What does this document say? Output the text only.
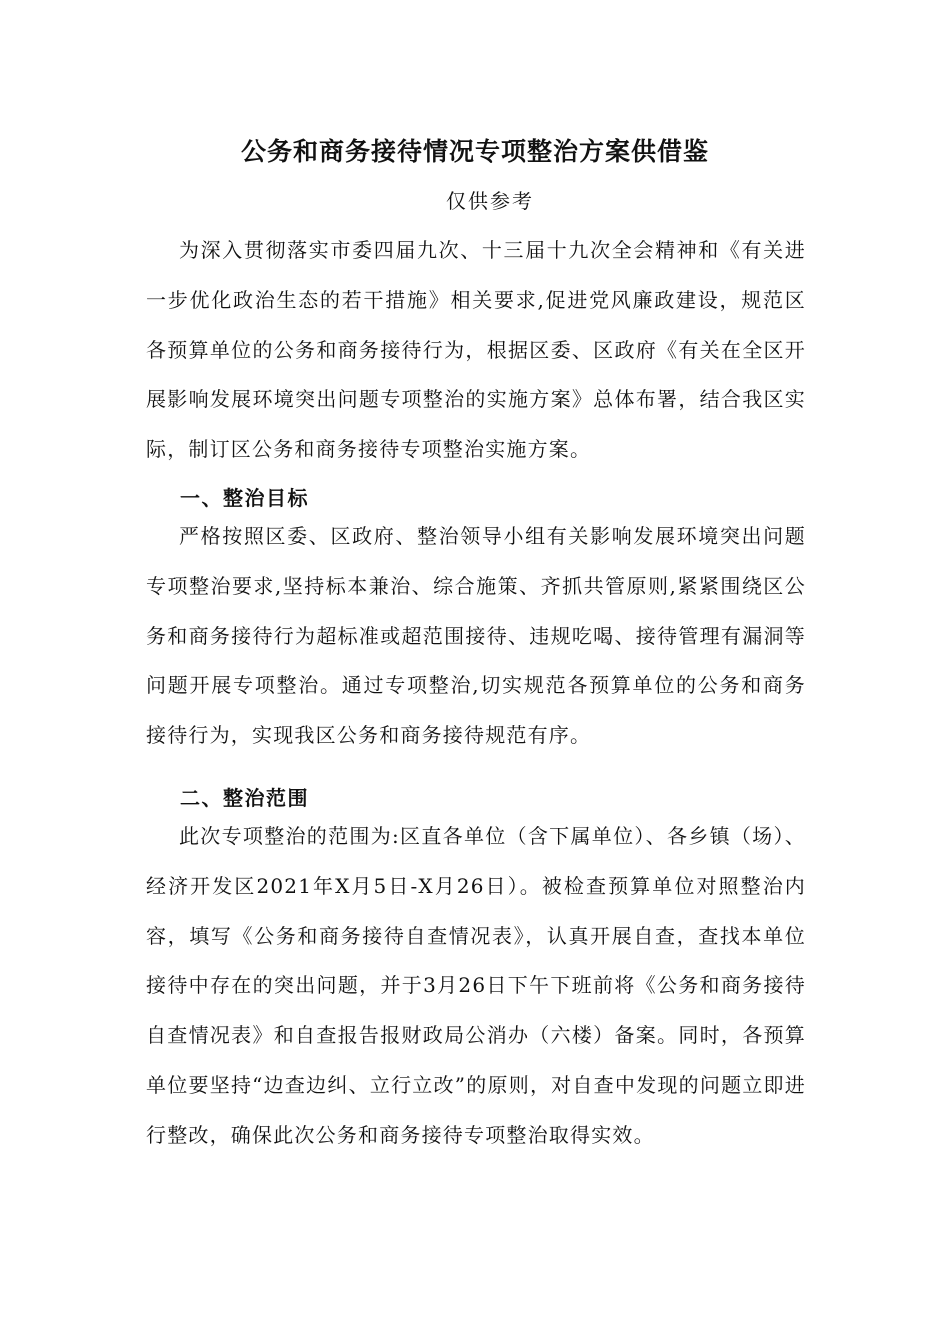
公务和商务接待情况专项整治方案供借鉴
仅供参考

为深入贯彻落实市委四届九次、十三届十九次全会精神和《有关进一步优化政治生态的若干措施》相关要求,促进党风廉政建设，规范区各预算单位的公务和商务接待行为，根据区委、区政府《有关在全区开展影响发展环境突出问题专项整治的实施方案》总体布署，结合我区实际，制订区公务和商务接待专项整治实施方案。

一、整治目标

严格按照区委、区政府、整治领导小组有关影响发展环境突出问题专项整治要求,坚持标本兼治、综合施策、齐抓共管原则,紧紧围绕区公务和商务接待行为超标准或超范围接待、违规吃喝、接待管理有漏洞等问题开展专项整治。通过专项整治,切实规范各预算单位的公务和商务接待行为，实现我区公务和商务接待规范有序。

二、整治范围

此次专项整治的范围为:区直各单位（含下属单位）、各乡镇（场）、经济开发区2021年X月5日-X月26日）。被检查预算单位对照整治内容，填写《公务和商务接待自查情况表》，认真开展自查，查找本单位接待中存在的突出问题，并于3月26日下午下班前将《公务和商务接待自查情况表》和自查报告报财政局公消办（六楼）备案。同时，各预算单位要坚持“边查边纠、立行立改”的原则，对自查中发现的问题立即进行整改，确保此次公务和商务接待专项整治取得实效。
